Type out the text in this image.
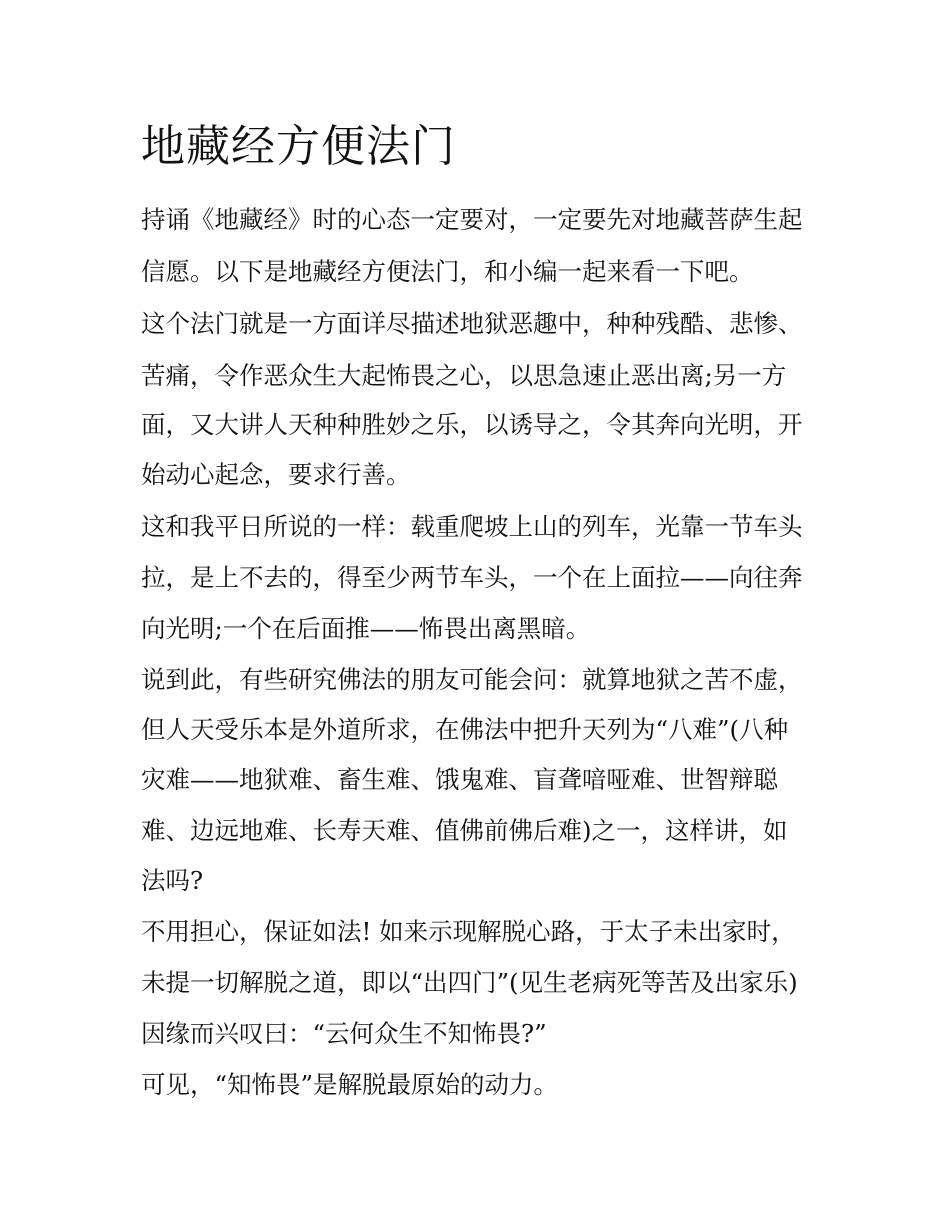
地藏经方便法门

持诵《地藏经》时的心态一定要对，一定要先对地藏菩萨生起

信愿。以下是地藏经方便法门，和小编一起来看一下吧。

这个法门就是一方面详尽描述地狱恶趣中，种种残酷、悲惨、

苦痛，令作恶众生大起怖畏之心，以思急速止恶出离;另一方

面，又大讲人天种种胜妙之乐，以诱导之，令其奔向光明，开

始动心起念，要求行善。

这和我平日所说的一样：载重爬坡上山的列车，光靠一节车头

拉，是上不去的，得至少两节车头，一个在上面拉——向往奔

向光明;一个在后面推——怖畏出离黑暗。

说到此，有些研究佛法的朋友可能会问：就算地狱之苦不虚，

但人天受乐本是外道所求，在佛法中把升天列为“八难”(八种

灾难——地狱难、畜生难、饿鬼难、盲聋喑哑难、世智辩聪

难、边远地难、长寿天难、值佛前佛后难)之一，这样讲，如

法吗?

不用担心，保证如法! 如来示现解脱心路，于太子未出家时，

未提一切解脱之道，即以“出四门”(见生老病死等苦及出家乐)

因缘而兴叹曰：“云何众生不知怖畏?”

可见，“知怖畏”是解脱最原始的动力。
